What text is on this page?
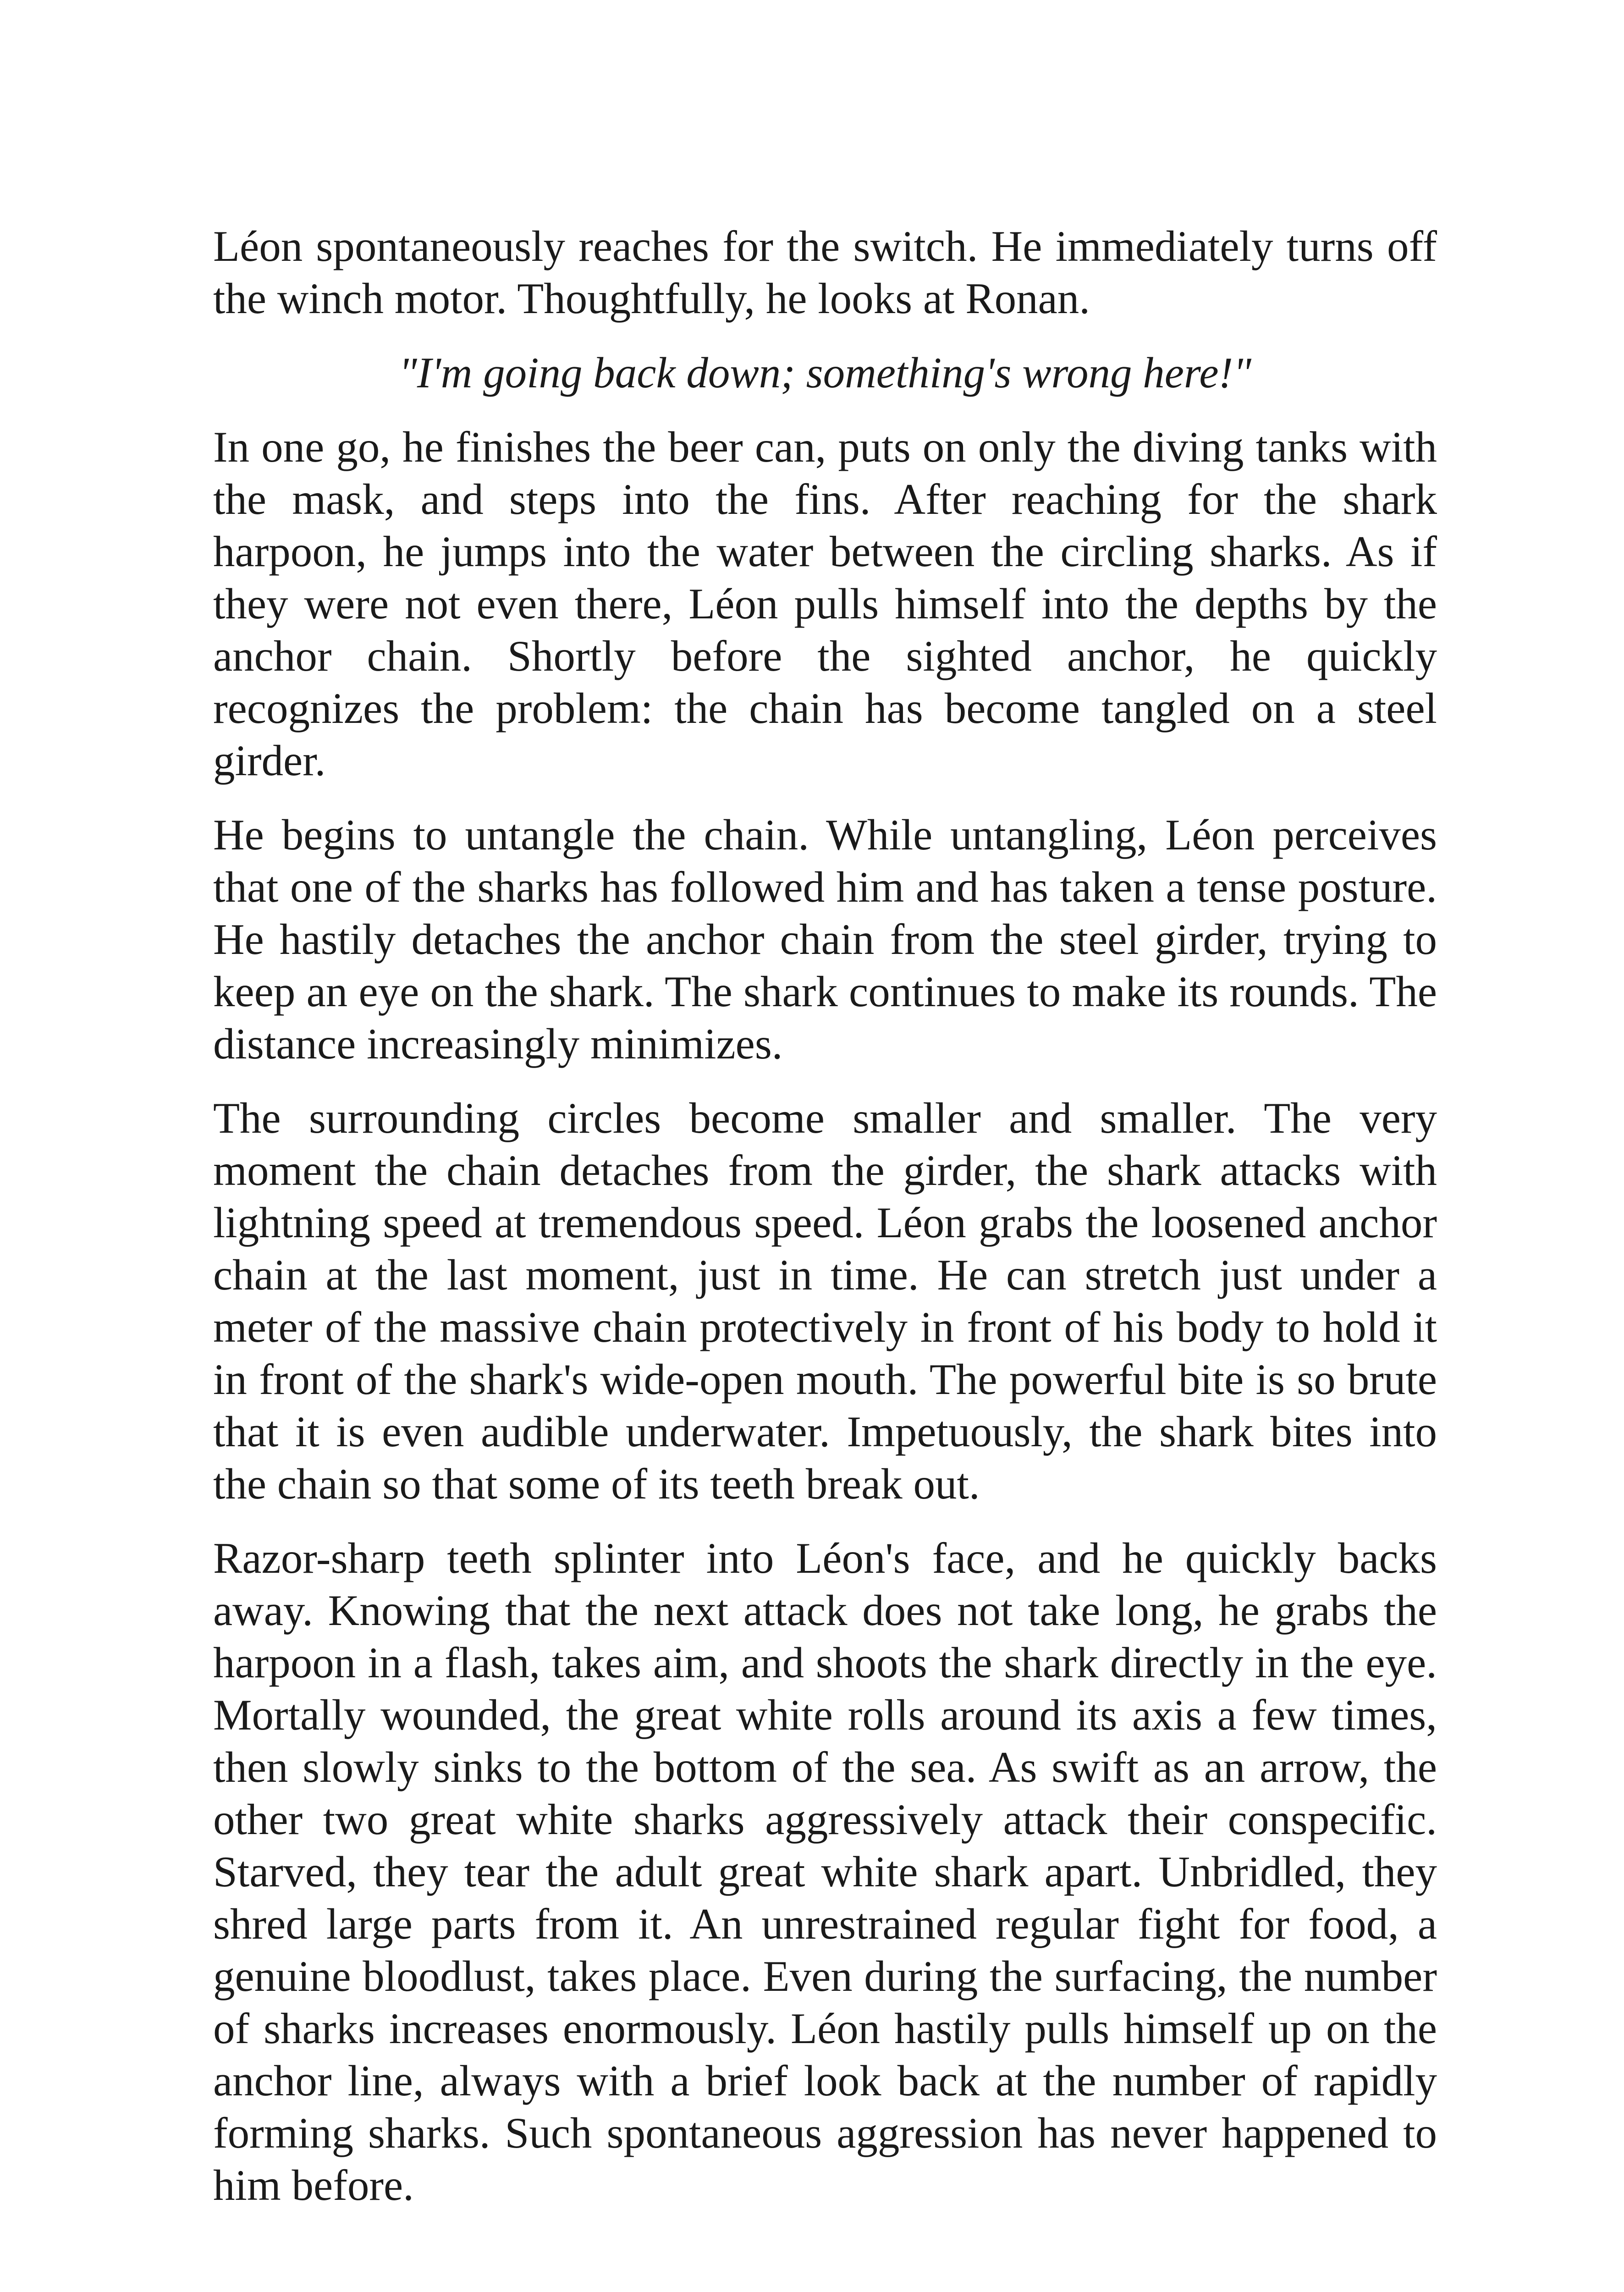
Léon spontaneously reaches for the switch. He immediately turns off the winch motor. Thoughtfully, he looks at Ronan.

"I'm going back down; something's wrong here!"

In one go, he finishes the beer can, puts on only the diving tanks with the mask, and steps into the fins. After reaching for the shark harpoon, he jumps into the water between the circling sharks. As if they were not even there, Léon pulls himself into the depths by the anchor chain. Shortly before the sighted anchor, he quickly recognizes the problem: the chain has become tangled on a steel girder.

He begins to untangle the chain. While untangling, Léon perceives that one of the sharks has followed him and has taken a tense posture. He hastily detaches the anchor chain from the steel girder, trying to keep an eye on the shark. The shark continues to make its rounds. The distance increasingly minimizes.

The surrounding circles become smaller and smaller. The very moment the chain detaches from the girder, the shark attacks with lightning speed at tremendous speed. Léon grabs the loosened anchor chain at the last moment, just in time. He can stretch just under a meter of the massive chain protectively in front of his body to hold it in front of the shark's wide-open mouth. The powerful bite is so brute that it is even audible underwater. Impetuously, the shark bites into the chain so that some of its teeth break out.

Razor-sharp teeth splinter into Léon's face, and he quickly backs away. Knowing that the next attack does not take long, he grabs the harpoon in a flash, takes aim, and shoots the shark directly in the eye. Mortally wounded, the great white rolls around its axis a few times, then slowly sinks to the bottom of the sea. As swift as an arrow, the other two great white sharks aggressively attack their conspecific. Starved, they tear the adult great white shark apart. Unbridled, they shred large parts from it. An unrestrained regular fight for food, a genuine bloodlust, takes place. Even during the surfacing, the number of sharks increases enormously. Léon hastily pulls himself up on the anchor line, always with a brief look back at the number of rapidly forming sharks. Such spontaneous aggression has never happened to him before.
